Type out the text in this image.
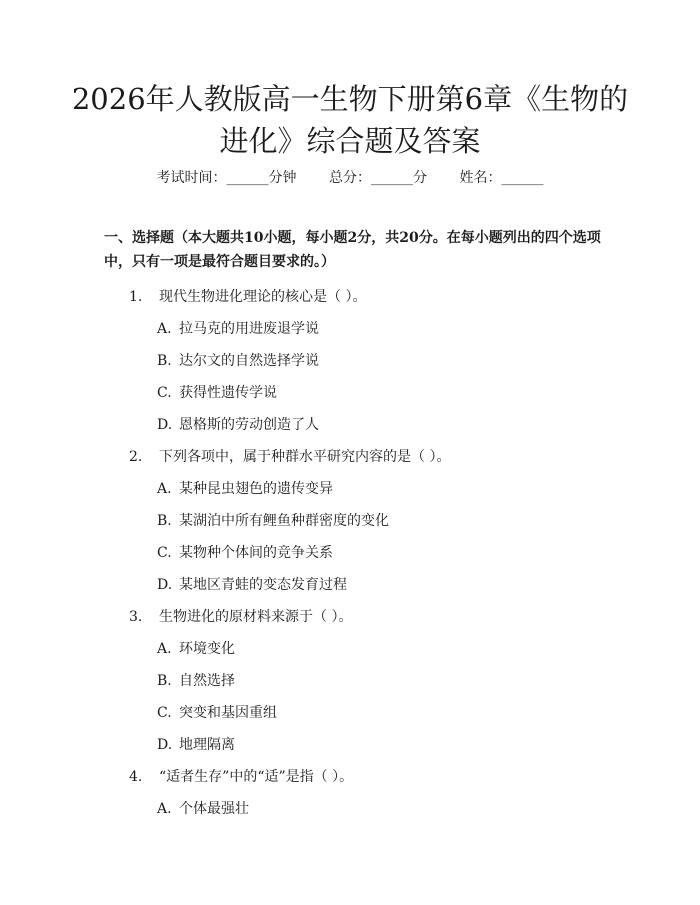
2026年人教版高一生物下册第6章《生物的
进化》综合题及答案
考试时间：______分钟 总分：______分 姓名：______

一、选择题（本大题共10小题，每小题2分，共20分。在每小题列出的四个选项中，只有一项是最符合题目要求的。）

1. 现代生物进化理论的核心是（ ）。
A. 拉马克的用进废退学说
B. 达尔文的自然选择学说
C. 获得性遗传学说
D. 恩格斯的劳动创造了人
2. 下列各项中，属于种群水平研究内容的是（ ）。
A. 某种昆虫翅色的遗传变异
B. 某湖泊中所有鲤鱼种群密度的变化
C. 某物种个体间的竞争关系
D. 某地区青蛙的变态发育过程
3. 生物进化的原材料来源于（ ）。
A. 环境变化
B. 自然选择
C. 突变和基因重组
D. 地理隔离
4. “适者生存”中的“适”是指（ ）。
A. 个体最强壮
